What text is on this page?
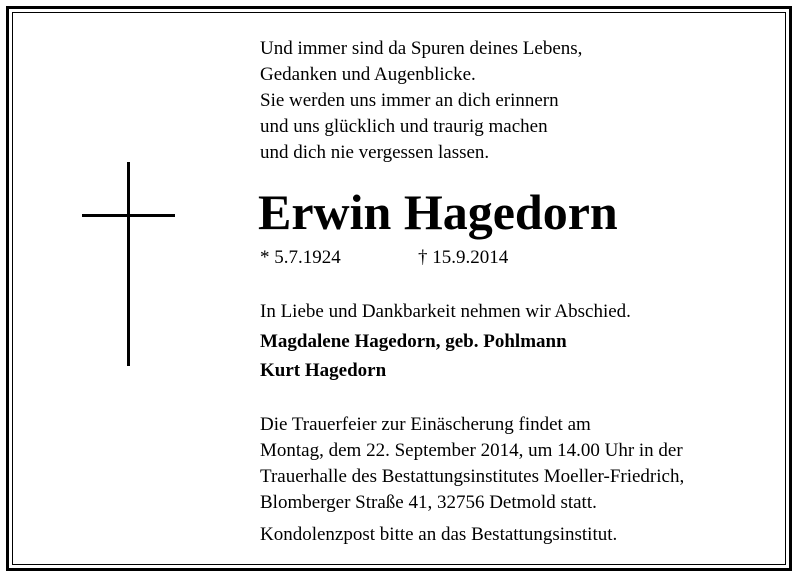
Und immer sind da Spuren deines Lebens,
Gedanken und Augenblicke.
Sie werden uns immer an dich erinnern
und uns glücklich und traurig machen
und dich nie vergessen lassen.
Erwin Hagedorn
* 5.7.1924	† 15.9.2014
In Liebe und Dankbarkeit nehmen wir Abschied.
Magdalene Hagedorn, geb. Pohlmann
Kurt Hagedorn
Die Trauerfeier zur Einäscherung findet am
Montag, dem 22. September 2014, um 14.00 Uhr in der
Trauerhalle des Bestattungsinstitutes Moeller-Friedrich,
Blomberger Straße 41, 32756 Detmold statt.
Kondolenzpost bitte an das Bestattungsinstitut.
